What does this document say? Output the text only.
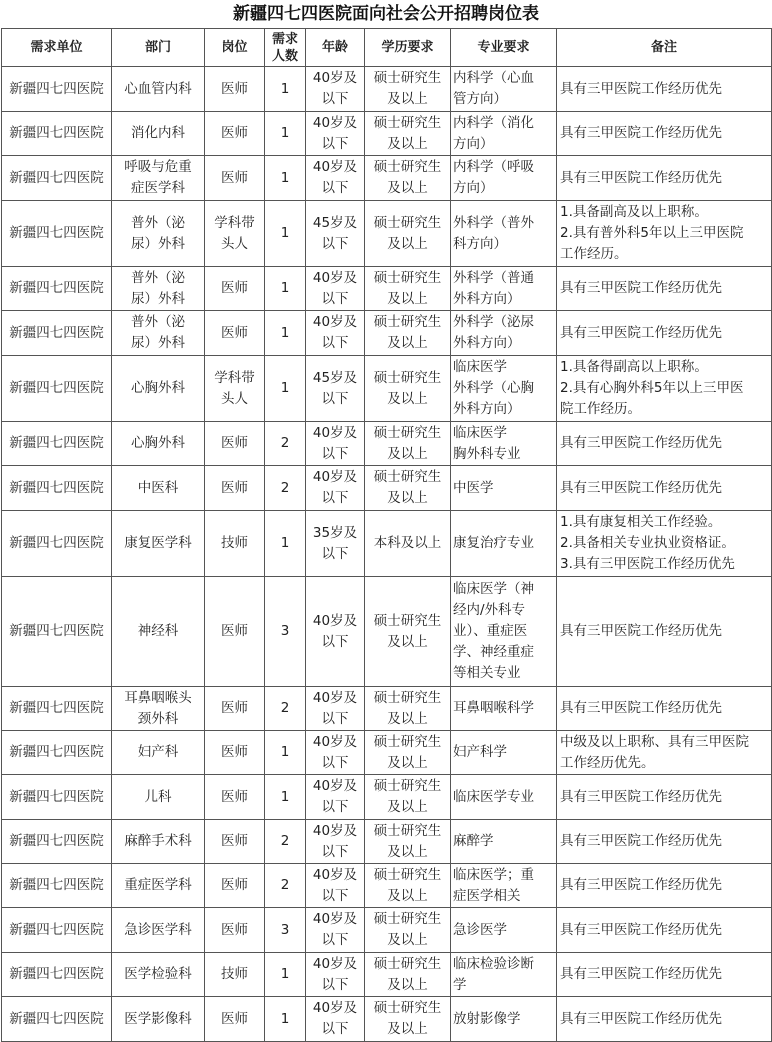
新疆四七四医院面向社会公开招聘岗位表
需求单位	部门	岗位	需求
人数	年龄	学历要求	专业要求	备注
新疆四七四医院	心血管内科	医师	1	40岁及
以下	硕士研究生
及以上	内科学（心血
管方向）	具有三甲医院工作经历优先
新疆四七四医院	消化内科	医师	1	40岁及
以下	硕士研究生
及以上	内科学（消化
方向）	具有三甲医院工作经历优先
新疆四七四医院	呼吸与危重
症医学科	医师	1	40岁及
以下	硕士研究生
及以上	内科学（呼吸
方向）	具有三甲医院工作经历优先
新疆四七四医院	普外（泌
尿）外科	学科带
头人	1	45岁及
以下	硕士研究生
及以上	外科学（普外
科方向）	1.具备副高及以上职称。
2.具有普外科5年以上三甲医院
工作经历。
新疆四七四医院	普外（泌
尿）外科	医师	1	40岁及
以下	硕士研究生
及以上	外科学（普通
外科方向）	具有三甲医院工作经历优先
新疆四七四医院	普外（泌
尿）外科	医师	1	40岁及
以下	硕士研究生
及以上	外科学（泌尿
外科方向）	具有三甲医院工作经历优先
新疆四七四医院	心胸外科	学科带
头人	1	45岁及
以下	硕士研究生
及以上	临床医学
外科学（心胸
外科方向）	1.具备得副高以上职称。
2.具有心胸外科5年以上三甲医
院工作经历。
新疆四七四医院	心胸外科	医师	2	40岁及
以下	硕士研究生
及以上	临床医学
胸外科专业	具有三甲医院工作经历优先
新疆四七四医院	中医科	医师	2	40岁及
以下	硕士研究生
及以上	中医学	具有三甲医院工作经历优先
新疆四七四医院	康复医学科	技师	1	35岁及
以下	本科及以上	康复治疗专业	1.具有康复相关工作经验。
2.具备相关专业执业资格证。
3.具有三甲医院工作经历优先
新疆四七四医院	神经科	医师	3	40岁及
以下	硕士研究生
及以上	临床医学（神
经内/外科专
业）、重症医
学、神经重症
等相关专业	具有三甲医院工作经历优先
新疆四七四医院	耳鼻咽喉头
颈外科	医师	2	40岁及
以下	硕士研究生
及以上	耳鼻咽喉科学	具有三甲医院工作经历优先
新疆四七四医院	妇产科	医师	1	40岁及
以下	硕士研究生
及以上	妇产科学	中级及以上职称、具有三甲医院
工作经历优先。
新疆四七四医院	儿科	医师	1	40岁及
以下	硕士研究生
及以上	临床医学专业	具有三甲医院工作经历优先
新疆四七四医院	麻醉手术科	医师	2	40岁及
以下	硕士研究生
及以上	麻醉学	具有三甲医院工作经历优先
新疆四七四医院	重症医学科	医师	2	40岁及
以下	硕士研究生
及以上	临床医学；重
症医学相关	具有三甲医院工作经历优先
新疆四七四医院	急诊医学科	医师	3	40岁及
以下	硕士研究生
及以上	急诊医学	具有三甲医院工作经历优先
新疆四七四医院	医学检验科	技师	1	40岁及
以下	硕士研究生
及以上	临床检验诊断
学	具有三甲医院工作经历优先
新疆四七四医院	医学影像科	医师	1	40岁及
以下	硕士研究生
及以上	放射影像学	具有三甲医院工作经历优先
